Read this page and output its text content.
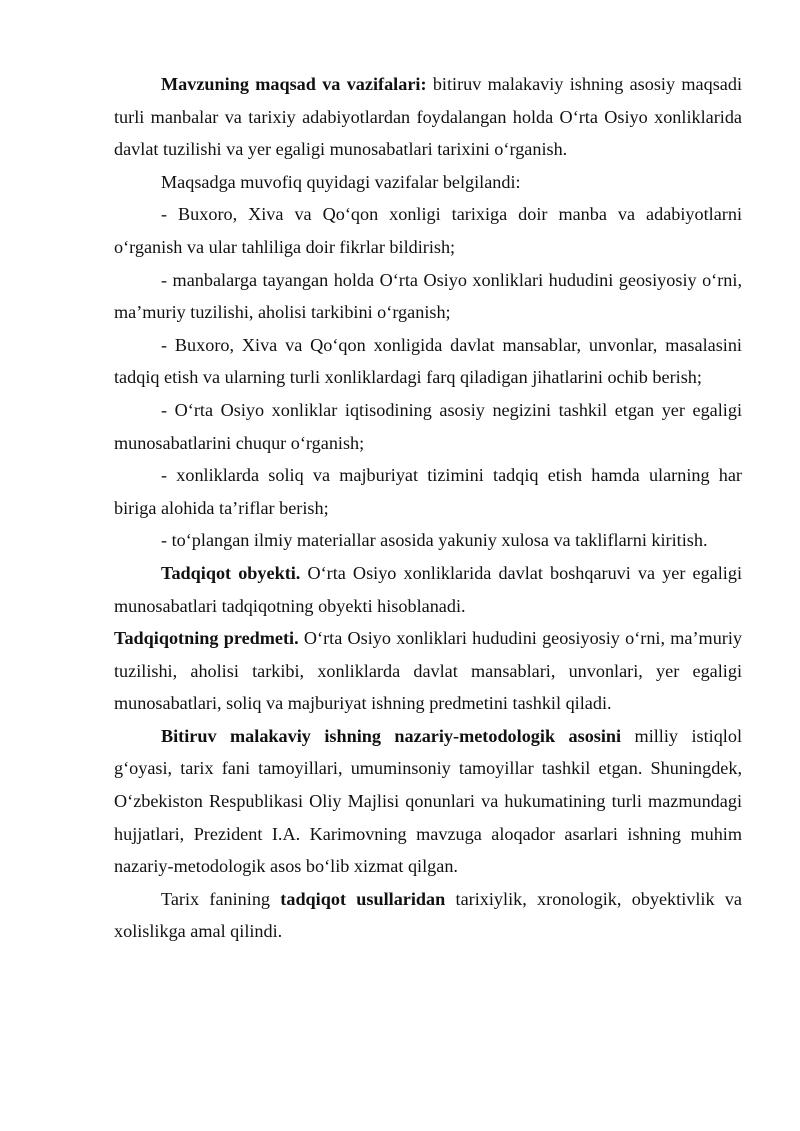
Mavzuning maqsad va vazifalari: bitiruv malakaviy ishning asosiy maqsadi turli manbalar va tarixiy adabiyotlardan foydalangan holda O‘rta Osiyo xonliklarida davlat tuzilishi va yer egaligi munosabatlari tarixini o‘rganish.

Maqsadga muvofiq quyidagi vazifalar belgilandi:

- Buxoro, Xiva va Qo‘qon xonligi tarixiga doir manba va adabiyotlarni o‘rganish va ular tahliliga doir fikrlar bildirish;

- manbalarga tayangan holda O‘rta Osiyo xonliklari hududini geosiyosiy o‘rni, ma’muriy tuzilishi, aholisi tarkibini o‘rganish;

- Buxoro, Xiva va Qo‘qon xonligida davlat mansablar, unvonlar, masalasini tadqiq etish va ularning turli xonliklardagi farq qiladigan jihatlarini ochib berish;

- O‘rta Osiyo xonliklar iqtisodining asosiy negizini tashkil etgan yer egaligi munosabatlarini chuqur o‘rganish;

- xonliklarda soliq va majburiyat tizimini tadqiq etish hamda ularning har biriga alohida ta’riflar berish;

- to‘plangan ilmiy materiallar asosida yakuniy xulosa va takliflarni kiritish.

Tadqiqot obyekti. O‘rta Osiyo xonliklarida davlat boshqaruvi va yer egaligi munosabatlari tadqiqotning obyekti hisoblanadi.

Tadqiqotning predmeti. O‘rta Osiyo xonliklari hududini geosiyosiy o‘rni, ma’muriy tuzilishi, aholisi tarkibi, xonliklarda davlat mansablari, unvonlari, yer egaligi munosabatlari, soliq va majburiyat ishning predmetini tashkil qiladi.

Bitiruv malakaviy ishning nazariy-metodologik asosini milliy istiqlol g‘oyasi, tarix fani tamoyillari, umuminsoniy tamoyillar tashkil etgan. Shuningdek, O‘zbekiston Respublikasi Oliy Majlisi qonunlari va hukumatining turli mazmundagi hujjatlari, Prezident I.A. Karimovning mavzuga aloqador asarlari ishning muhim nazariy-metodologik asos bo‘lib xizmat qilgan.

Tarix fanining tadqiqot usullaridan tarixiylik, xronologik, obyektivlik va xolislikga amal qilindi.
